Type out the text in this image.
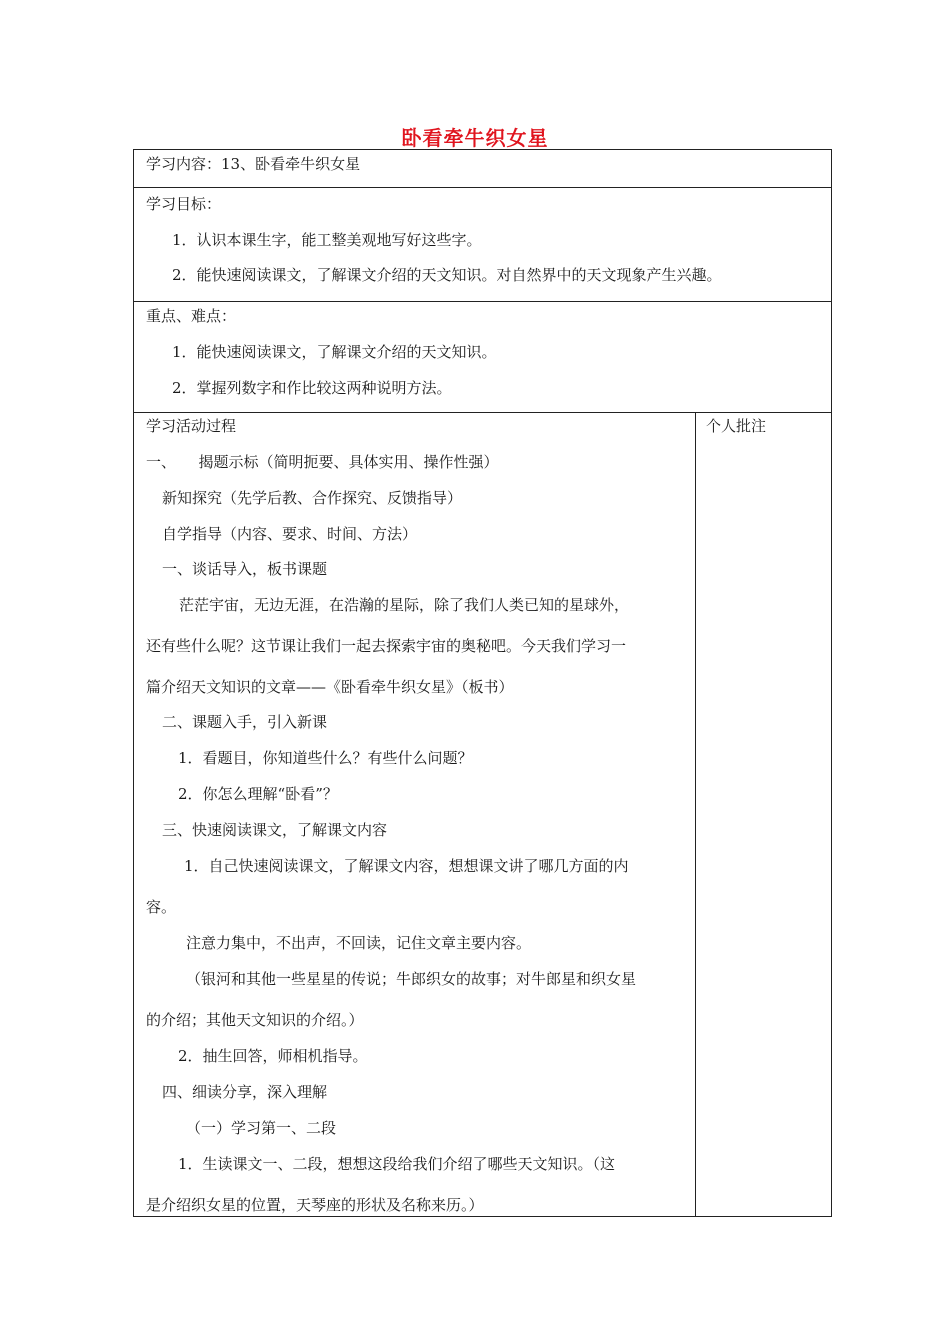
卧看牵牛织女星
学习内容：13、卧看牵牛织女星
学习目标：
1．认识本课生字，能工整美观地写好这些字。
2．能快速阅读课文，了解课文介绍的天文知识。对自然界中的天文现象产生兴趣。
重点、难点：
1．能快速阅读课文，了解课文介绍的天文知识。
2．掌握列数字和作比较这两种说明方法。
学习活动过程	个人批注
一、　　揭题示标（简明扼要、具体实用、操作性强）
新知探究（先学后教、合作探究、反馈指导）
自学指导（内容、要求、时间、方法）
一、谈话导入，板书课题
茫茫宇宙，无边无涯，在浩瀚的星际，除了我们人类已知的星球外，
还有些什么呢？这节课让我们一起去探索宇宙的奥秘吧。今天我们学习一
篇介绍天文知识的文章——《卧看牵牛织女星》（板书）
二、课题入手，引入新课
1．看题目，你知道些什么？有些什么问题？
2．你怎么理解“卧看”？
三、快速阅读课文，了解课文内容
1．自己快速阅读课文，了解课文内容，想想课文讲了哪几方面的内
容。
注意力集中，不出声，不回读，记住文章主要内容。
（银河和其他一些星星的传说；牛郎织女的故事；对牛郎星和织女星
的介绍；其他天文知识的介绍。）
2．抽生回答，师相机指导。
四、细读分享，深入理解
（一）学习第一、二段
1．生读课文一、二段，想想这段给我们介绍了哪些天文知识。（这
是介绍织女星的位置，天琴座的形状及名称来历。）
